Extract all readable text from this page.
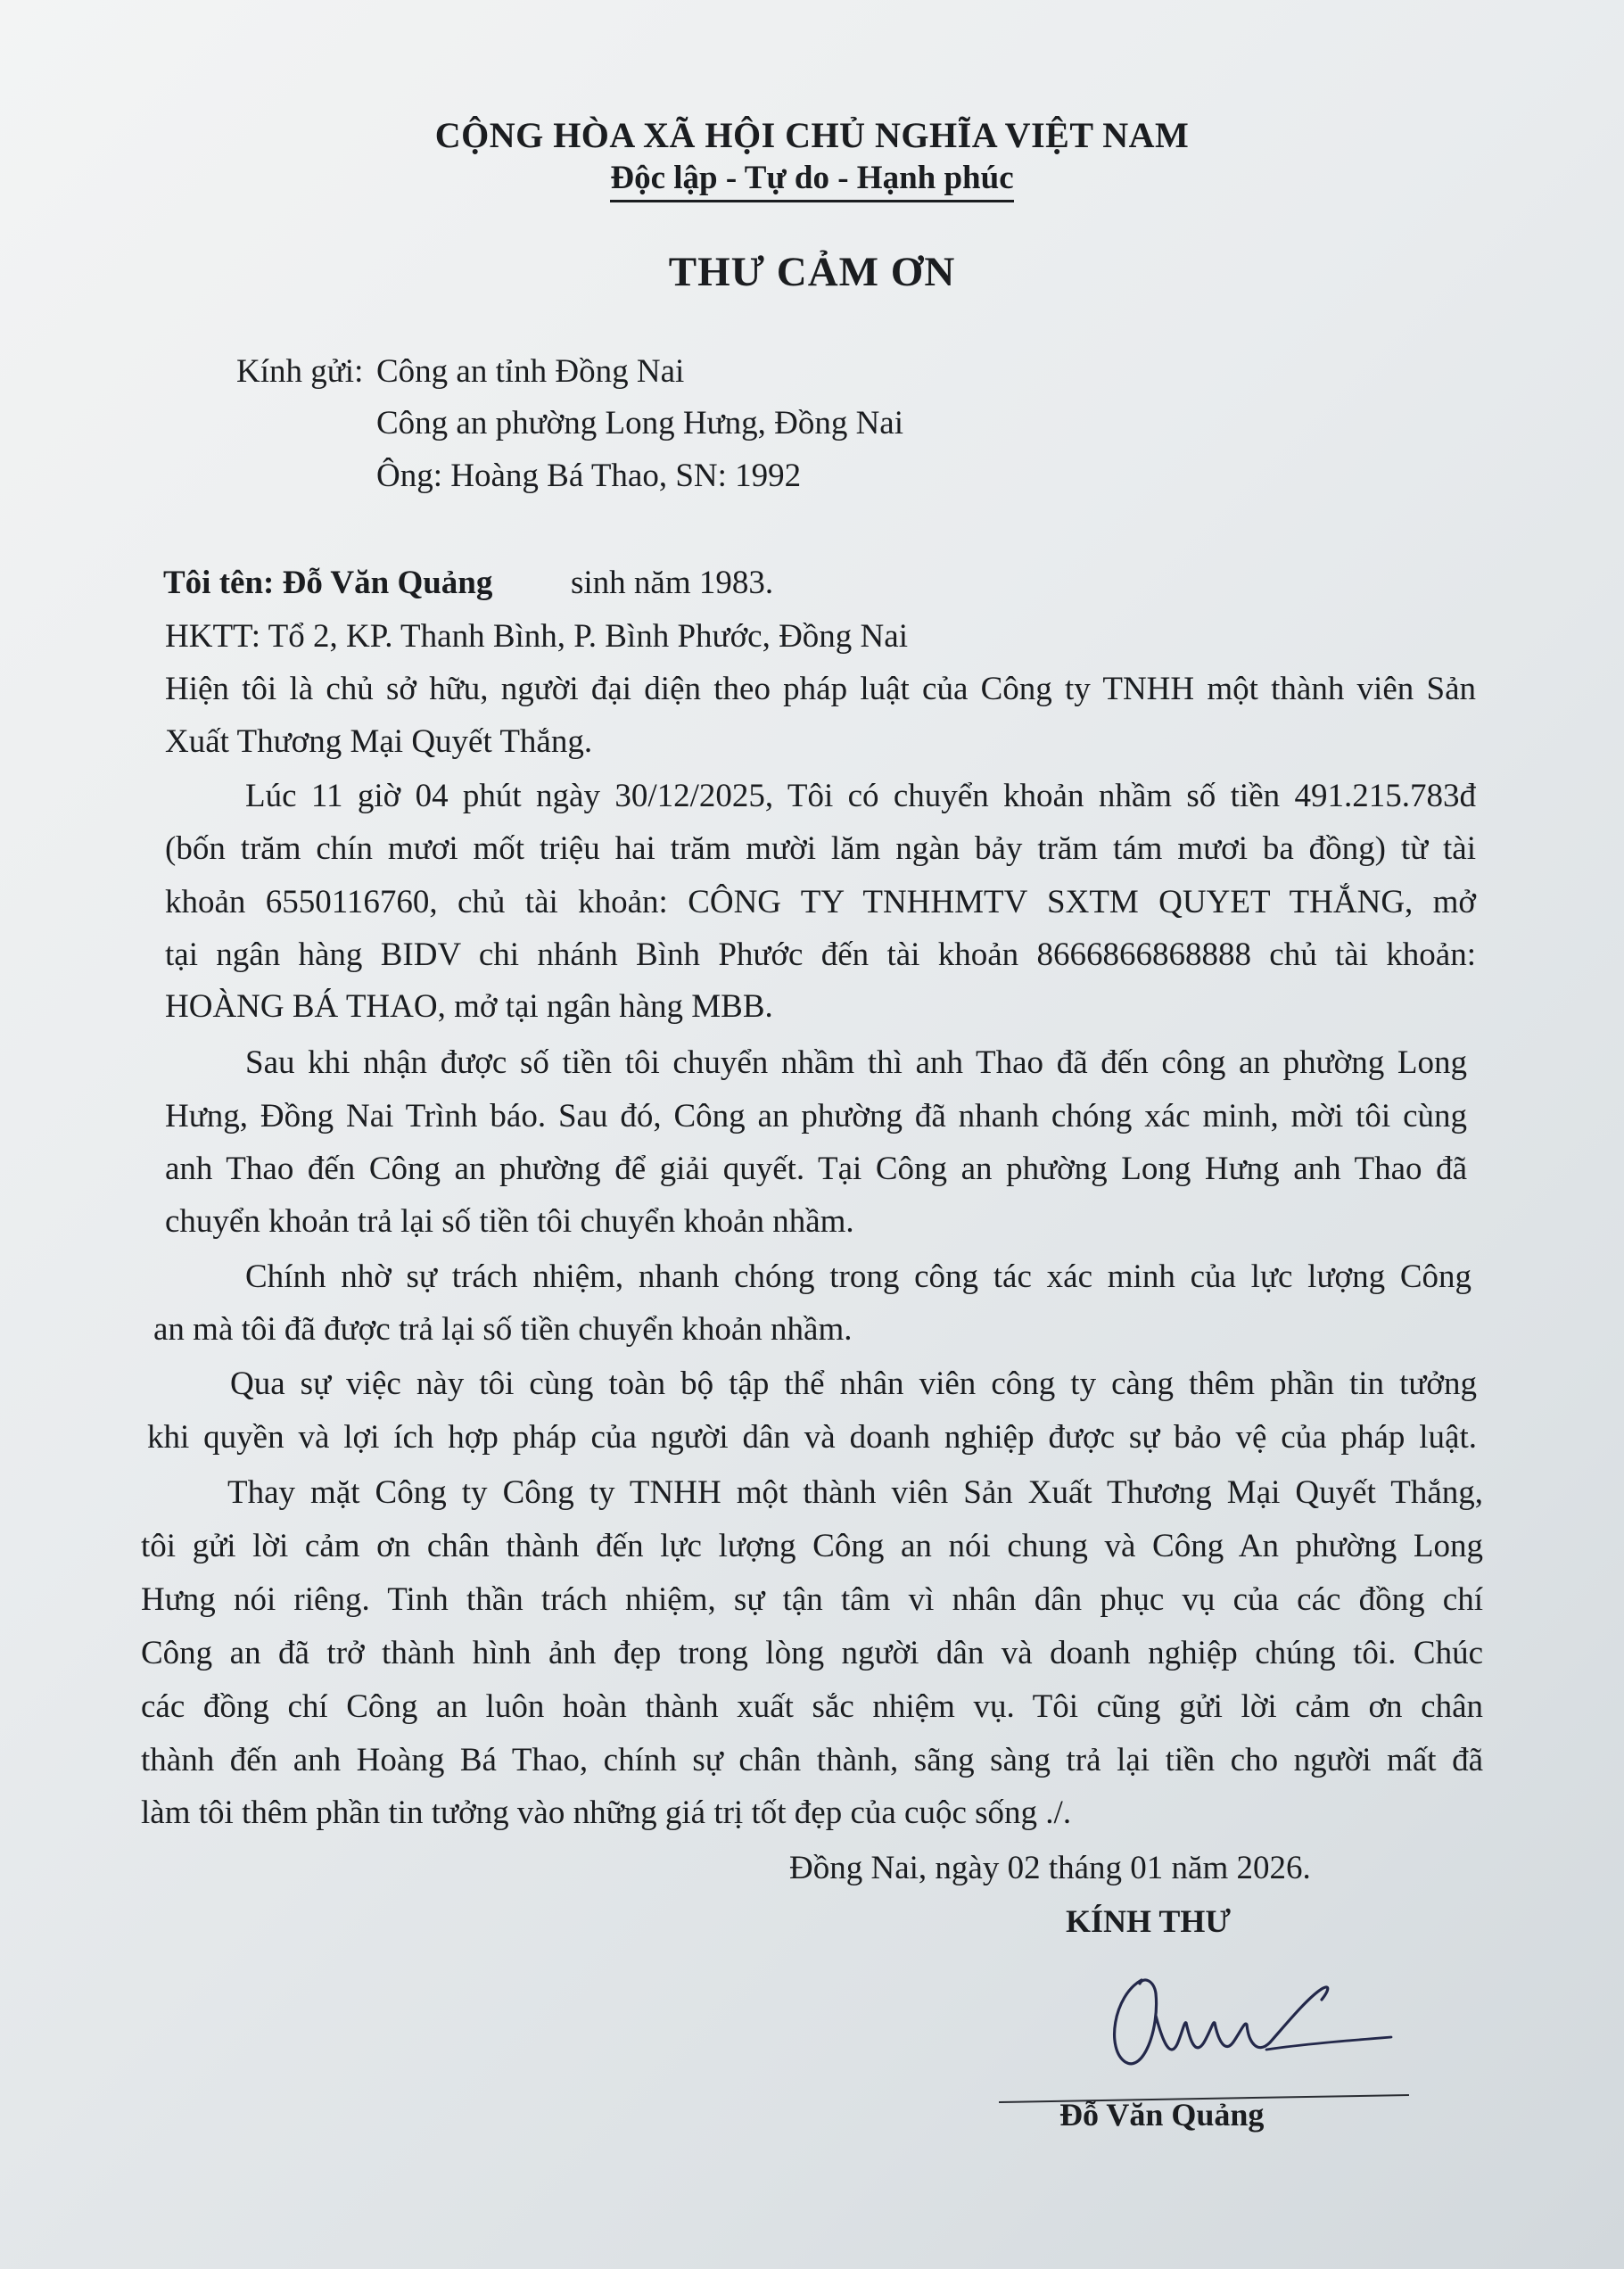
CỘNG HÒA XÃ HỘI CHỦ NGHĨA VIỆT NAM
Độc lập - Tự do - Hạnh phúc
THƯ CẢM ƠN
Kính gửi: Công an tỉnh Đồng Nai
Công an phường Long Hưng, Đồng Nai
Ông: Hoàng Bá Thao, SN: 1992
Tôi tên: Đỗ Văn Quảng sinh năm 1983.
HKTT: Tổ 2, KP. Thanh Bình, P. Bình Phước, Đồng Nai
Hiện tôi là chủ sở hữu, người đại diện theo pháp luật của Công ty TNHH một thành viên Sản
Xuất Thương Mại Quyết Thắng.
Lúc 11 giờ 04 phút ngày 30/12/2025, Tôi có chuyển khoản nhầm số tiền 491.215.783đ
(bốn trăm chín mươi mốt triệu hai trăm mười lăm ngàn bảy trăm tám mươi ba đồng) từ tài
khoản 6550116760, chủ tài khoản: CÔNG TY TNHHMTV SXTM QUYET THẮNG, mở
tại ngân hàng BIDV chi nhánh Bình Phước đến tài khoản 8666866868888 chủ tài khoản:
HOÀNG BÁ THAO, mở tại ngân hàng MBB.
Sau khi nhận được số tiền tôi chuyển nhầm thì anh Thao đã đến công an phường Long
Hưng, Đồng Nai Trình báo. Sau đó, Công an phường đã nhanh chóng xác minh, mời tôi cùng
anh Thao đến Công an phường để giải quyết. Tại Công an phường Long Hưng anh Thao đã
chuyển khoản trả lại số tiền tôi chuyển khoản nhầm.
Chính nhờ sự trách nhiệm, nhanh chóng trong công tác xác minh của lực lượng Công
an mà tôi đã được trả lại số tiền chuyển khoản nhầm.
Qua sự việc này tôi cùng toàn bộ tập thể nhân viên công ty càng thêm phần tin tưởng
khi quyền và lợi ích hợp pháp của người dân và doanh nghiệp được sự bảo vệ của pháp luật.
Thay mặt Công ty Công ty TNHH một thành viên Sản Xuất Thương Mại Quyết Thắng,
tôi gửi lời cảm ơn chân thành đến lực lượng Công an nói chung và Công An phường Long
Hưng nói riêng. Tinh thần trách nhiệm, sự tận tâm vì nhân dân phục vụ của các đồng chí
Công an đã trở thành hình ảnh đẹp trong lòng người dân và doanh nghiệp chúng tôi. Chúc
các đồng chí Công an luôn hoàn thành xuất sắc nhiệm vụ. Tôi cũng gửi lời cảm ơn chân
thành đến anh Hoàng Bá Thao, chính sự chân thành, sãng sàng trả lại tiền cho người mất đã
làm tôi thêm phần tin tưởng vào những giá trị tốt đẹp của cuộc sống ./.
Đồng Nai, ngày 02 tháng 01 năm 2026.
KÍNH THƯ
Đỗ Văn Quảng
